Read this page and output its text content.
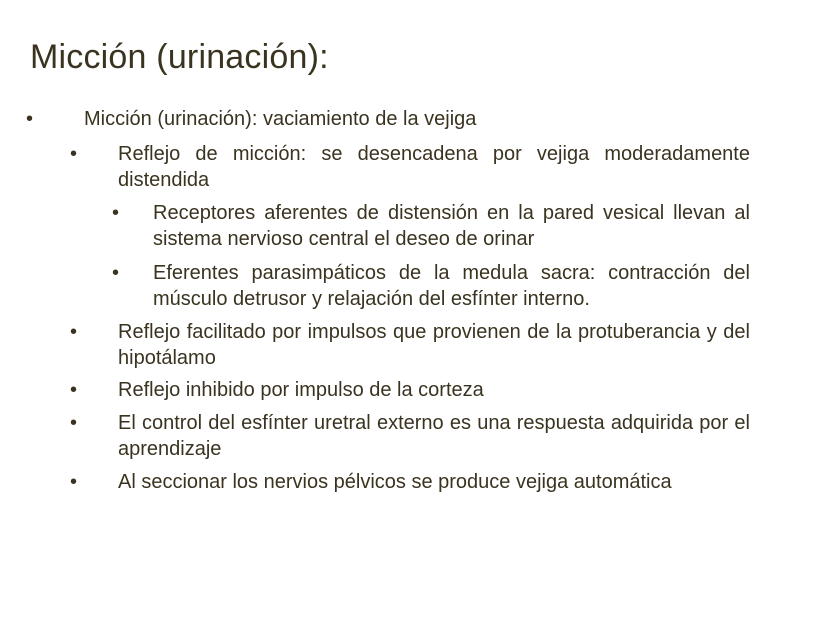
Micción (urinación):
•	Micción (urinación): vaciamiento de la vejiga
• Reflejo de micción: se desencadena por vejiga moderadamente distendida
• Receptores aferentes de distensión en la pared vesical llevan al sistema nervioso central el deseo de orinar
• Eferentes parasimpáticos de la medula sacra: contracción del músculo detrusor y relajación del esfínter interno.
• Reflejo facilitado por impulsos que provienen de la protuberancia y del hipotálamo
• Reflejo inhibido por impulso de la corteza
• El control del esfínter uretral externo es una respuesta adquirida por el aprendizaje
• Al seccionar los nervios pélvicos se produce vejiga automática
